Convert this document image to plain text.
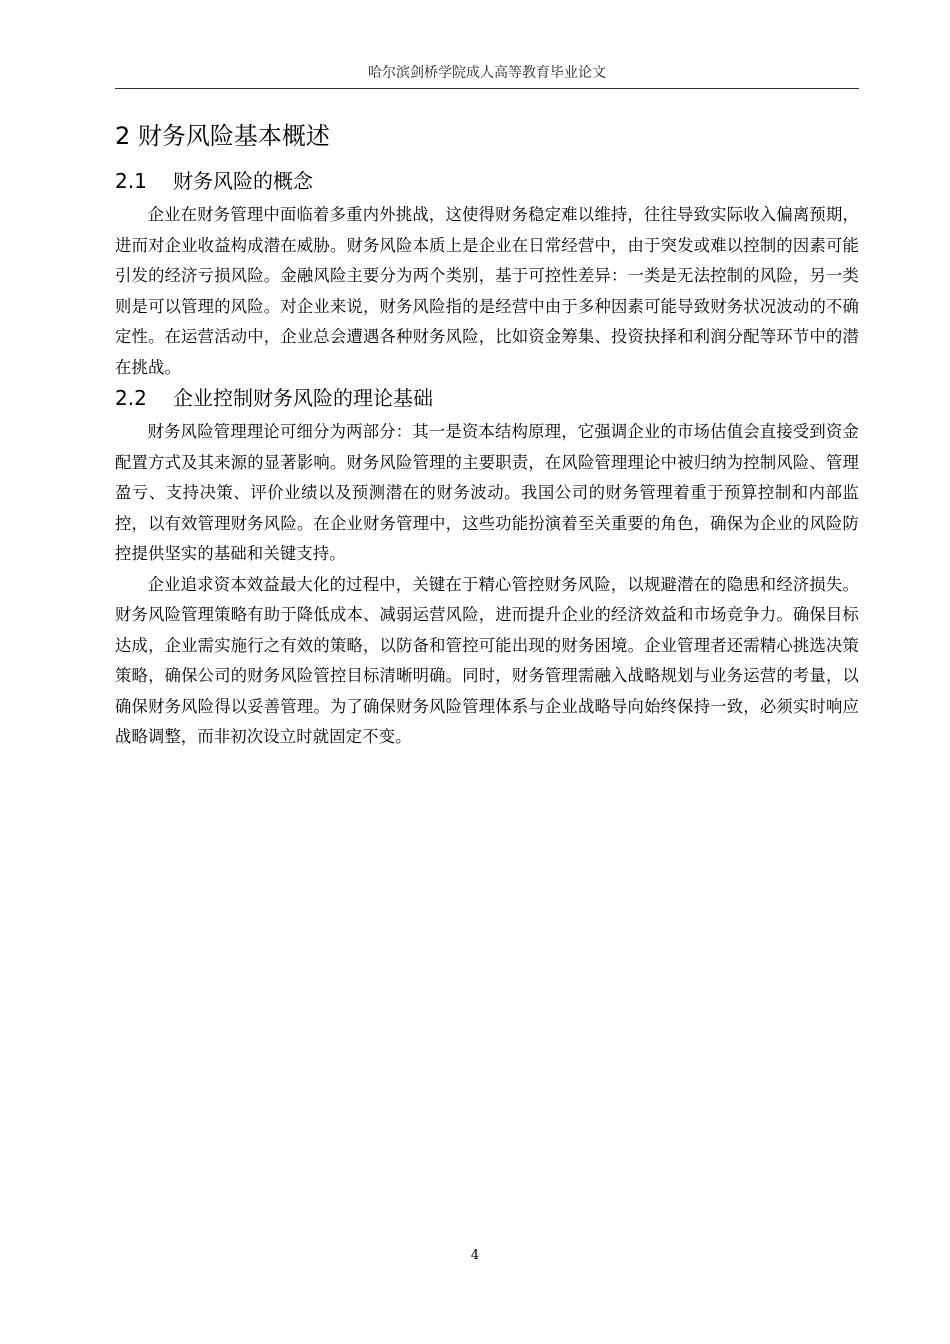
哈尔滨剑桥学院成人高等教育毕业论文
2 财务风险基本概述
2.1 财务风险的概念

企业在财务管理中面临着多重内外挑战，这使得财务稳定难以维持，往往导致实际收入偏离预期，进而对企业收益构成潜在威胁。财务风险本质上是企业在日常经营中，由于突发或难以控制的因素可能引发的经济亏损风险。金融风险主要分为两个类别，基于可控性差异：一类是无法控制的风险，另一类则是可以管理的风险。对企业来说，财务风险指的是经营中由于多种因素可能导致财务状况波动的不确定性。在运营活动中，企业总会遭遇各种财务风险，比如资金筹集、投资抉择和利润分配等环节中的潜在挑战。

2.2 企业控制财务风险的理论基础

财务风险管理理论可细分为两部分：其一是资本结构原理，它强调企业的市场估值会直接受到资金配置方式及其来源的显著影响。财务风险管理的主要职责，在风险管理理论中被归纳为控制风险、管理盈亏、支持决策、评价业绩以及预测潜在的财务波动。我国公司的财务管理着重于预算控制和内部监控，以有效管理财务风险。在企业财务管理中，这些功能扮演着至关重要的角色，确保为企业的风险防控提供坚实的基础和关键支持。

企业追求资本效益最大化的过程中，关键在于精心管控财务风险，以规避潜在的隐患和经济损失。财务风险管理策略有助于降低成本、减弱运营风险，进而提升企业的经济效益和市场竞争力。确保目标达成，企业需实施行之有效的策略，以防备和管控可能出现的财务困境。企业管理者还需精心挑选决策策略，确保公司的财务风险管控目标清晰明确。同时，财务管理需融入战略规划与业务运营的考量，以确保财务风险得以妥善管理。为了确保财务风险管理体系与企业战略导向始终保持一致，必须实时响应战略调整，而非初次设立时就固定不变。

4
